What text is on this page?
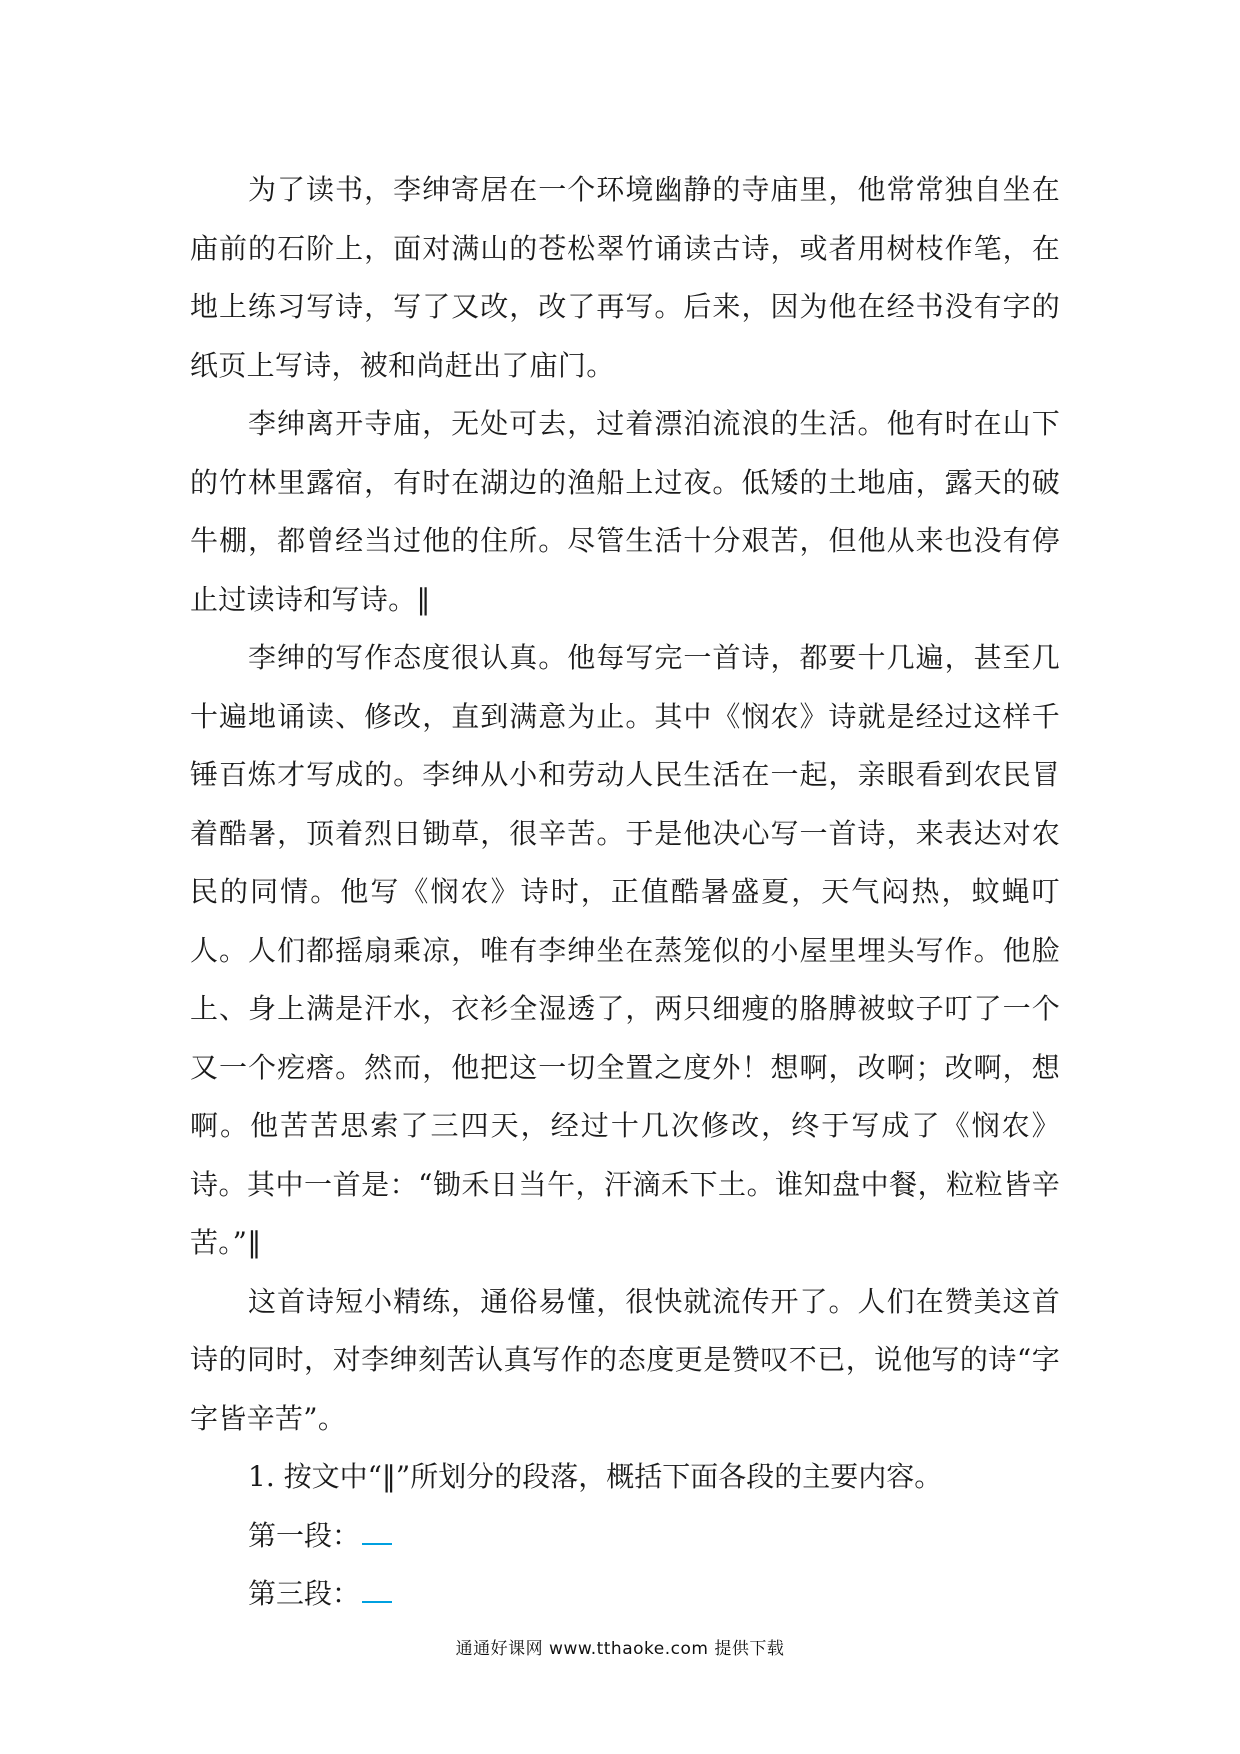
为了读书，李绅寄居在一个环境幽静的寺庙里，他常常独自坐在庙前的石阶上，面对满山的苍松翠竹诵读古诗，或者用树枝作笔，在地上练习写诗，写了又改，改了再写。后来，因为他在经书没有字的纸页上写诗，被和尚赶出了庙门。

李绅离开寺庙，无处可去，过着漂泊流浪的生活。他有时在山下的竹林里露宿，有时在湖边的渔船上过夜。低矮的土地庙，露天的破牛棚，都曾经当过他的住所。尽管生活十分艰苦，但他从来也没有停止过读诗和写诗。‖

李绅的写作态度很认真。他每写完一首诗，都要十几遍，甚至几十遍地诵读、修改，直到满意为止。其中《悯农》诗就是经过这样千锤百炼才写成的。李绅从小和劳动人民生活在一起，亲眼看到农民冒着酷暑，顶着烈日锄草，很辛苦。于是他决心写一首诗，来表达对农民的同情。他写《悯农》诗时，正值酷暑盛夏，天气闷热，蚊蝇叮人。人们都摇扇乘凉，唯有李绅坐在蒸笼似的小屋里埋头写作。他脸上、身上满是汗水，衣衫全湿透了，两只细瘦的胳膊被蚊子叮了一个又一个疙瘩。然而，他把这一切全置之度外！想啊，改啊；改啊，想啊。他苦苦思索了三四天，经过十几次修改，终于写成了《悯农》诗。其中一首是：“锄禾日当午，汗滴禾下土。谁知盘中餐，粒粒皆辛苦。”‖

这首诗短小精练，通俗易懂，很快就流传开了。人们在赞美这首诗的同时，对李绅刻苦认真写作的态度更是赞叹不已，说他写的诗“字字皆辛苦”。

1. 按文中“‖”所划分的段落，概括下面各段的主要内容。

第一段：

第三段：

通通好课网 www.tthaoke.com 提供下载
